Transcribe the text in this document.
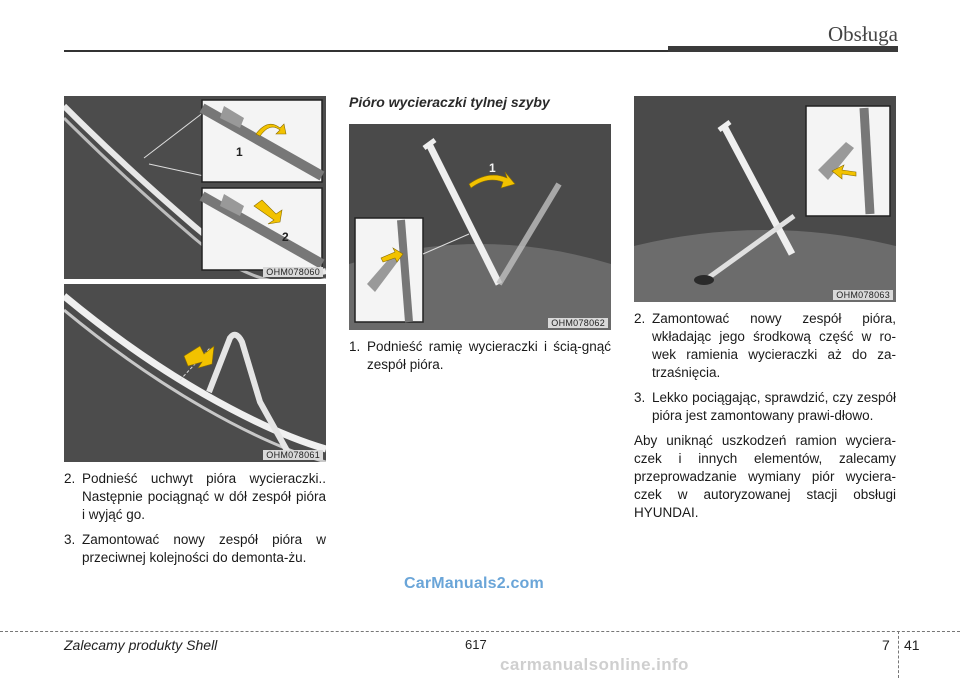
Obsługa
1
2
OHM078060
OHM078061
2. Podnieść uchwyt pióra wycieraczki.. Następnie pociągnąć w dół zespół pióra i wyjąć go.
3. Zamontować nowy zespół pióra w przeciwnej kolejności do demonta-żu.
Pióro wycieraczki tylnej szyby
1
OHM078062
1. Podnieść ramię wycieraczki i ścią-gnąć zespół pióra.
OHM078063
2. Zamontować nowy zespół pióra, wkładając jego środkową część w ro-wek ramienia wycieraczki aż do za-trzaśnięcia.
3. Lekko pociągając, sprawdzić, czy zespół pióra jest zamontowany prawi-dłowo.
Aby uniknąć uszkodzeń ramion wyciera-czek i innych elementów, zalecamy przeprowadzanie wymiany piór wyciera-czek w autoryzowanej stacji obsługi HYUNDAI.
CarManuals2.com
Zalecamy produkty Shell	617	7 41
carmanualsonline.info
